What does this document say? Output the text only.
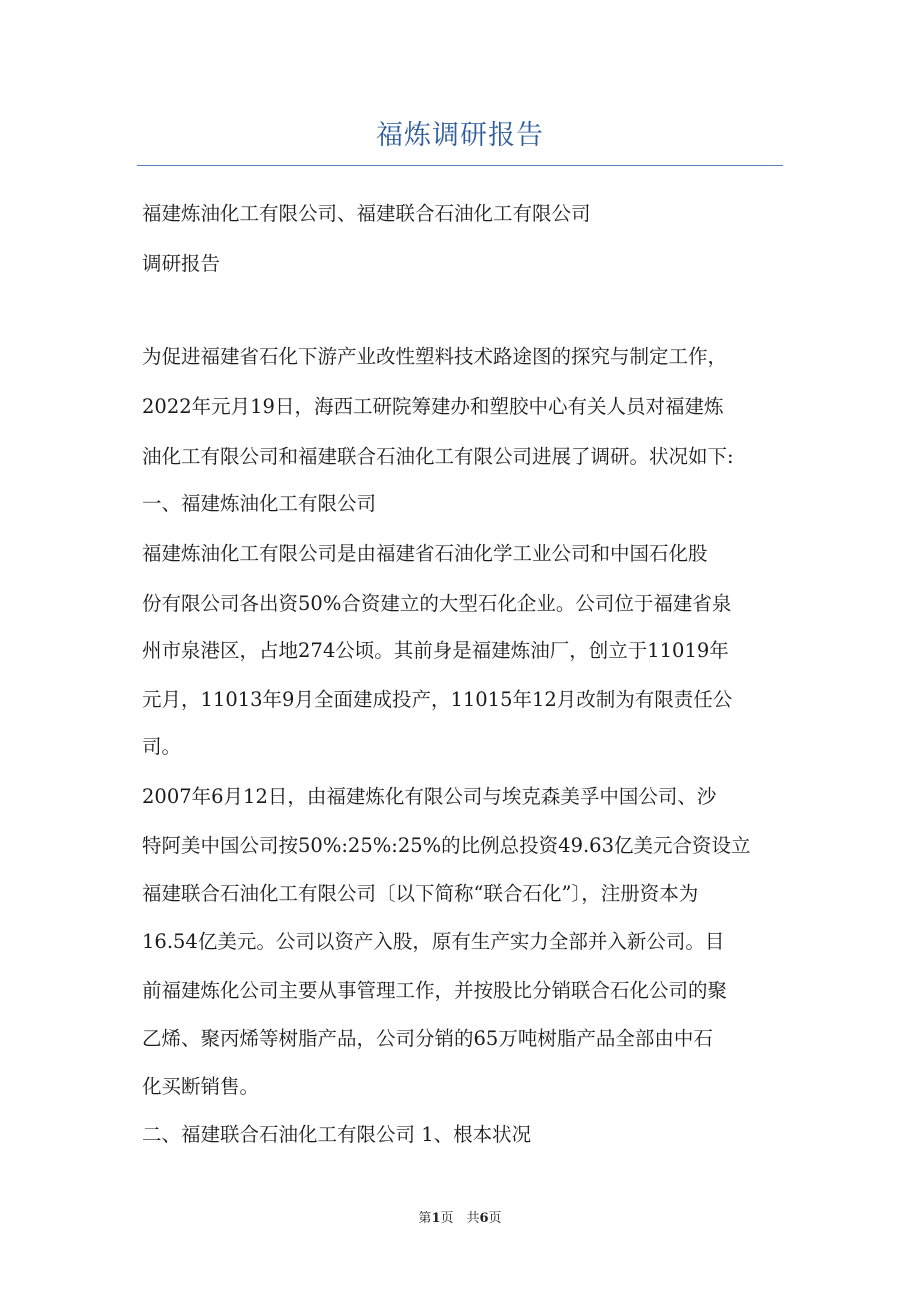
福炼调研报告
福建炼油化工有限公司、福建联合石油化工有限公司
调研报告
为促进福建省石化下游产业改性塑料技术路途图的探究与制定工作，
2022年元月19日，海西工研院筹建办和塑胶中心有关人员对福建炼
油化工有限公司和福建联合石油化工有限公司进展了调研。状况如下:
一、福建炼油化工有限公司
福建炼油化工有限公司是由福建省石油化学工业公司和中国石化股
份有限公司各出资50%合资建立的大型石化企业。公司位于福建省泉
州市泉港区，占地274公顷。其前身是福建炼油厂，创立于11019年
元月，11013年9月全面建成投产，11015年12月改制为有限责任公
司。
2007年6月12日，由福建炼化有限公司与埃克森美孚中国公司、沙
特阿美中国公司按50%:25%:25%的比例总投资49.63亿美元合资设立
福建联合石油化工有限公司〔以下简称“联合石化”〕，注册资本为
16.54亿美元。公司以资产入股，原有生产实力全部并入新公司。目
前福建炼化公司主要从事管理工作，并按股比分销联合石化公司的聚
乙烯、聚丙烯等树脂产品，公司分销的65万吨树脂产品全部由中石
化买断销售。
二、福建联合石油化工有限公司 1、根本状况
第1页　共6页
